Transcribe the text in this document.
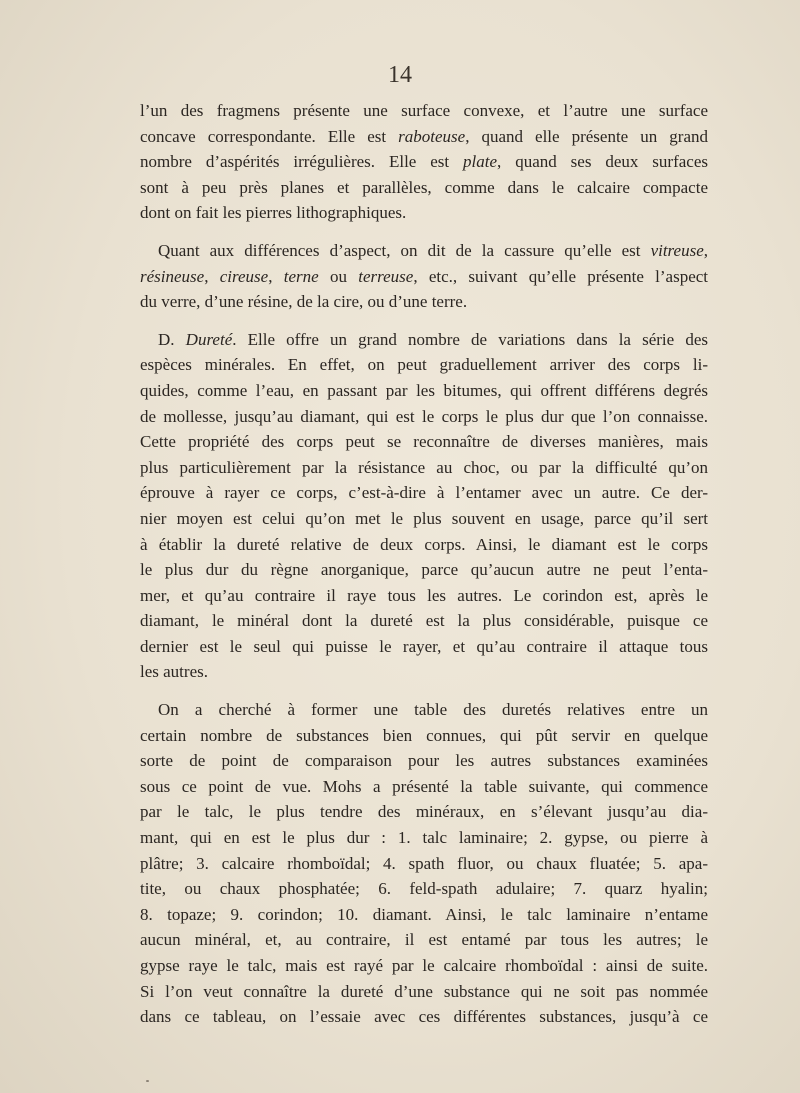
14
l’un des fragmens présente une surface convexe, et l’autre une surface
concave correspondante. Elle est raboteuse, quand elle présente un grand
nombre d’aspérités irrégulières. Elle est plate, quand ses deux surfaces
sont à peu près planes et parallèles, comme dans le calcaire compacte
dont on fait les pierres lithographiques.
Quant aux différences d’aspect, on dit de la cassure qu’elle est vitreuse,
résineuse, cireuse, terne ou terreuse, etc., suivant qu’elle présente l’aspect
du verre, d’une résine, de la cire, ou d’une terre.
D. Dureté. Elle offre un grand nombre de variations dans la série des
espèces minérales. En effet, on peut graduellement arriver des corps li-
quides, comme l’eau, en passant par les bitumes, qui offrent différens degrés
de mollesse, jusqu’au diamant, qui est le corps le plus dur que l’on connaisse.
Cette propriété des corps peut se reconnaître de diverses manières, mais
plus particulièrement par la résistance au choc, ou par la difficulté qu’on
éprouve à rayer ce corps, c’est-à-dire à l’entamer avec un autre. Ce der-
nier moyen est celui qu’on met le plus souvent en usage, parce qu’il sert
à établir la dureté relative de deux corps. Ainsi, le diamant est le corps
le plus dur du règne anorganique, parce qu’aucun autre ne peut l’enta-
mer, et qu’au contraire il raye tous les autres. Le corindon est, après le
diamant, le minéral dont la dureté est la plus considérable, puisque ce
dernier est le seul qui puisse le rayer, et qu’au contraire il attaque tous
les autres.
On a cherché à former une table des duretés relatives entre un
certain nombre de substances bien connues, qui pût servir en quelque
sorte de point de comparaison pour les autres substances examinées
sous ce point de vue. Mohs a présenté la table suivante, qui commence
par le talc, le plus tendre des minéraux, en s’élevant jusqu’au dia-
mant, qui en est le plus dur : 1. talc laminaire; 2. gypse, ou pierre à
plâtre; 3. calcaire rhomboïdal; 4. spath fluor, ou chaux fluatée; 5. apa-
tite, ou chaux phosphatée; 6. feld-spath adulaire; 7. quarz hyalin;
8. topaze; 9. corindon; 10. diamant. Ainsi, le talc laminaire n’entame
aucun minéral, et, au contraire, il est entamé par tous les autres; le
gypse raye le talc, mais est rayé par le calcaire rhomboïdal : ainsi de suite.
Si l’on veut connaître la dureté d’une substance qui ne soit pas nommée
dans ce tableau, on l’essaie avec ces différentes substances, jusqu’à ce
